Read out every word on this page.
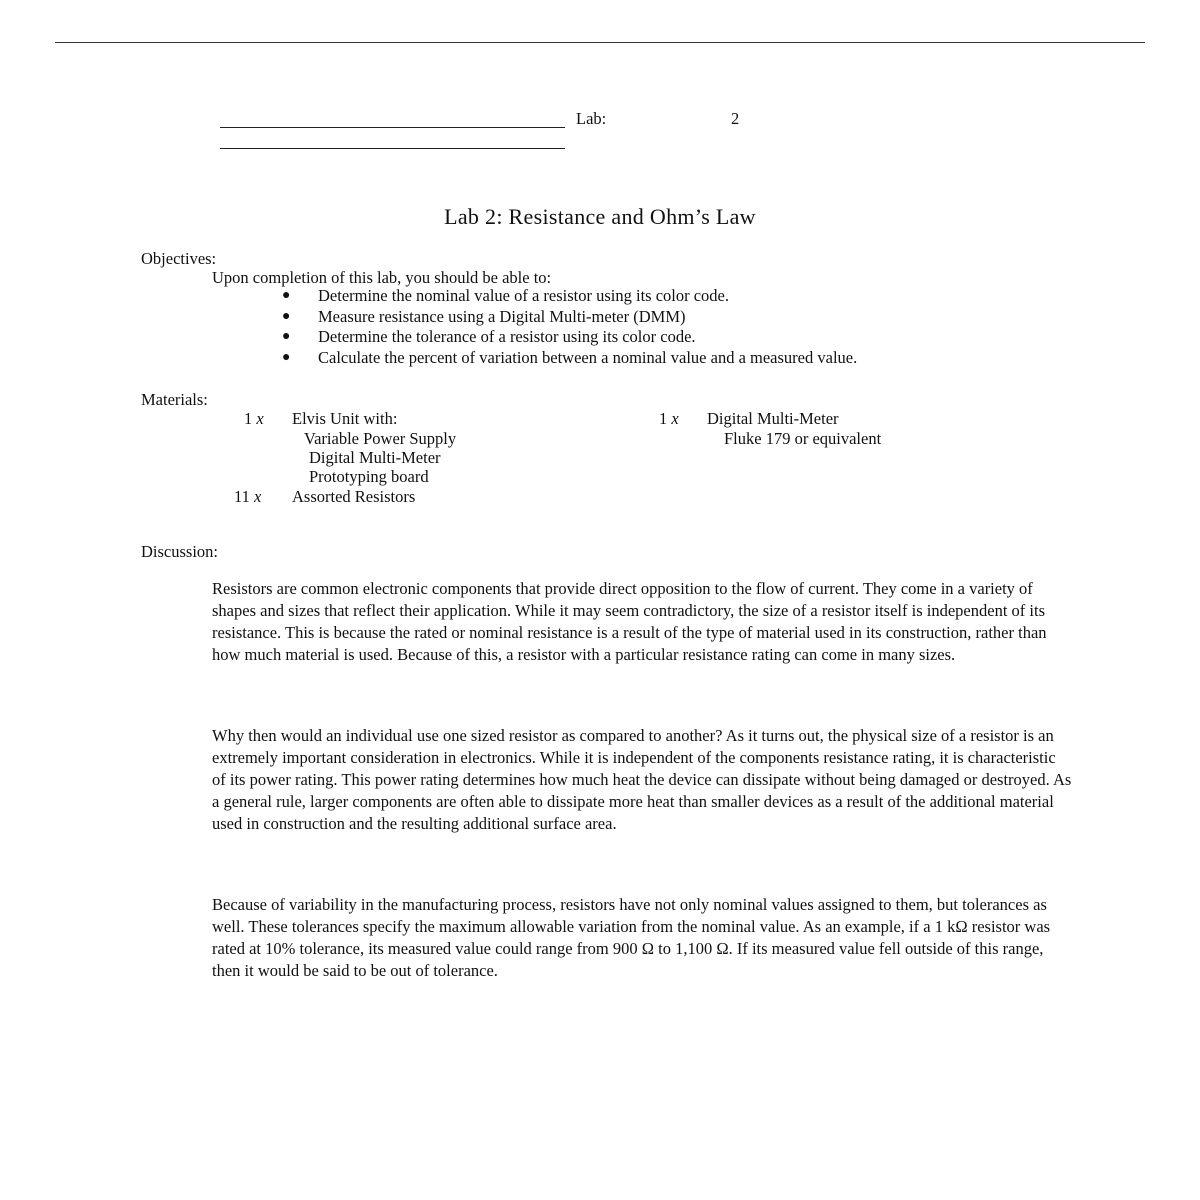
Lab:	2
Lab 2: Resistance and Ohm’s Law
Objectives:
Upon completion of this lab, you should be able to:
● Determine the nominal value of a resistor using its color code.
● Measure resistance using a Digital Multi-meter (DMM)
● Determine the tolerance of a resistor using its color code.
● Calculate the percent of variation between a nominal value and a measured value.
Materials:
1 x Elvis Unit with:
Variable Power Supply
Digital Multi-Meter
Prototyping board
11 x Assorted Resistors
1 x Digital Multi-Meter
Fluke 179 or equivalent
Discussion:

Resistors are common electronic components that provide direct opposition to the flow of current. They come in a variety of shapes and sizes that reflect their application. While it may seem contradictory, the size of a resistor itself is independent of its resistance. This is because the rated or nominal resistance is a result of the type of material used in its construction, rather than how much material is used. Because of this, a resistor with a particular resistance rating can come in many sizes.

Why then would an individual use one sized resistor as compared to another? As it turns out, the physical size of a resistor is an extremely important consideration in electronics. While it is independent of the components resistance rating, it is characteristic of its power rating. This power rating determines how much heat the device can dissipate without being damaged or destroyed. As a general rule, larger components are often able to dissipate more heat than smaller devices as a result of the additional material used in construction and the resulting additional surface area.

Because of variability in the manufacturing process, resistors have not only nominal values assigned to them, but tolerances as well. These tolerances specify the maximum allowable variation from the nominal value. As an example, if a 1 kΩ resistor was rated at 10% tolerance, its measured value could range from 900 Ω to 1,100 Ω. If its measured value fell outside of this range, then it would be said to be out of tolerance.
